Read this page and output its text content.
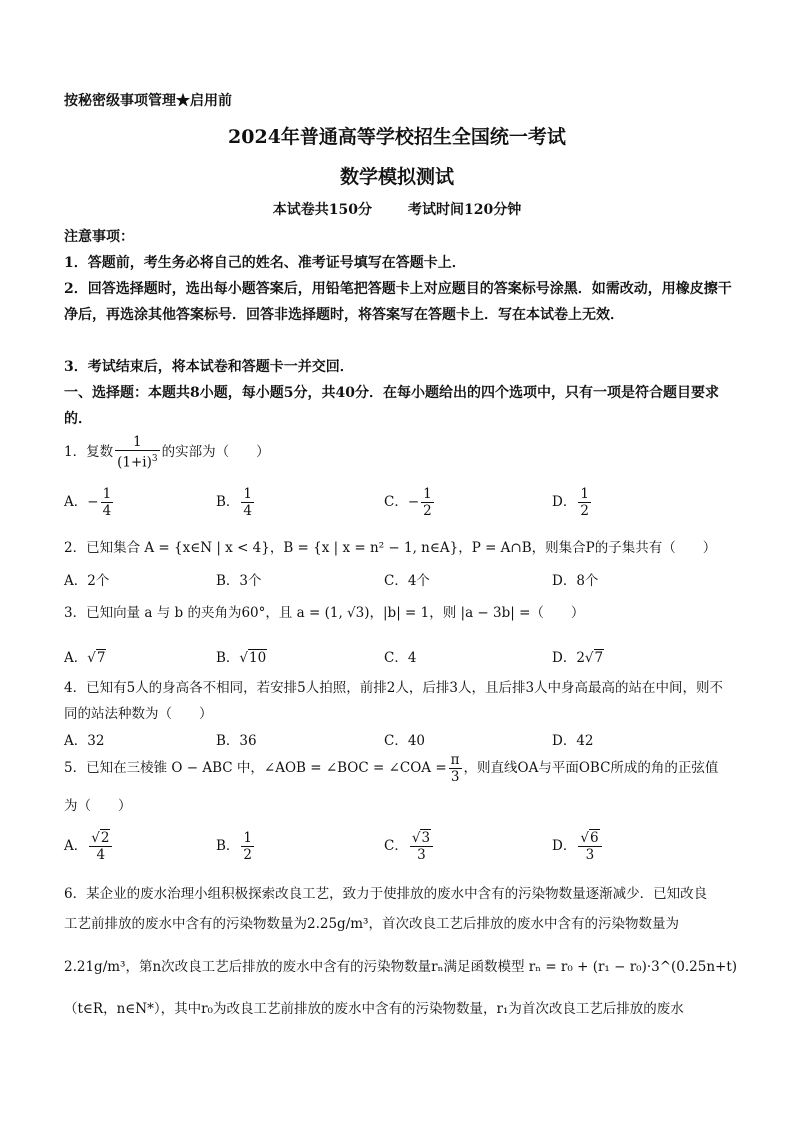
按秘密级事项管理★启用前
2024年普通高等学校招生全国统一考试
数学模拟测试
本试卷共150分	考试时间120分钟
注意事项：
1．答题前，考生务必将自己的姓名、准考证号填写在答题卡上．
2．回答选择题时，选出每小题答案后，用铅笔把答题卡上对应题目的答案标号涂黑．如需改动，用橡皮擦干净后，再选涂其他答案标号．回答非选择题时，将答案写在答题卡上．写在本试卷上无效．
3．考试结束后，将本试卷和答题卡一并交回．
一、选择题：本题共8小题，每小题5分，共40分．在每小题给出的四个选项中，只有一项是符合题目要求的．
1．复数 $\frac{1}{(1+i)^3}$ 的实部为（　　）
A．− $\frac{1}{4}$	B． $\frac{1}{4}$	C．− $\frac{1}{2}$	D． $\frac{1}{2}$
2．已知集合 A = {x∈N | x < 4}，B = {x | x = n² − 1, n∈A}，P = A∩B，则集合P的子集共有（　　）
A．2个	B．3个	C．4个	D．8个
3．已知向量 a 与 b 的夹角为60°，且 a = (1, √3)，|b| = 1，则 |a − 3b| =（　　）
A．√7	B．√10	C．4	D．2√7
4．已知有5人的身高各不相同，若安排5人拍照，前排2人，后排3人，且后排3人中身高最高的站在中间，则不同的站法种数为（　　）
A．32	B．36	C．40	D．42
5．已知在三棱锥 O − ABC 中，∠AOB = ∠BOC = ∠COA = $\frac{\pi}{3}$ ，则直线OA与平面OBC所成的角的正弦值
为（　　）
A． $\frac{√2}{4}$	B． $\frac{1}{2}$	C． $\frac{√3}{3}$	D． $\frac{√6}{3}$
6．某企业的废水治理小组积极探索改良工艺，致力于使排放的废水中含有的污染物数量逐渐减少．已知改良
工艺前排放的废水中含有的污染物数量为2.25g/m³，首次改良工艺后排放的废水中含有的污染物数量为
2.21g/m³，第n次改良工艺后排放的废水中含有的污染物数量rₙ满足函数模型 rₙ = r₀ + (r₁ − r₀)·3^(0.25n+t)
（t∈R，n∈N*），其中r₀为改良工艺前排放的废水中含有的污染物数量，r₁为首次改良工艺后排放的废水
